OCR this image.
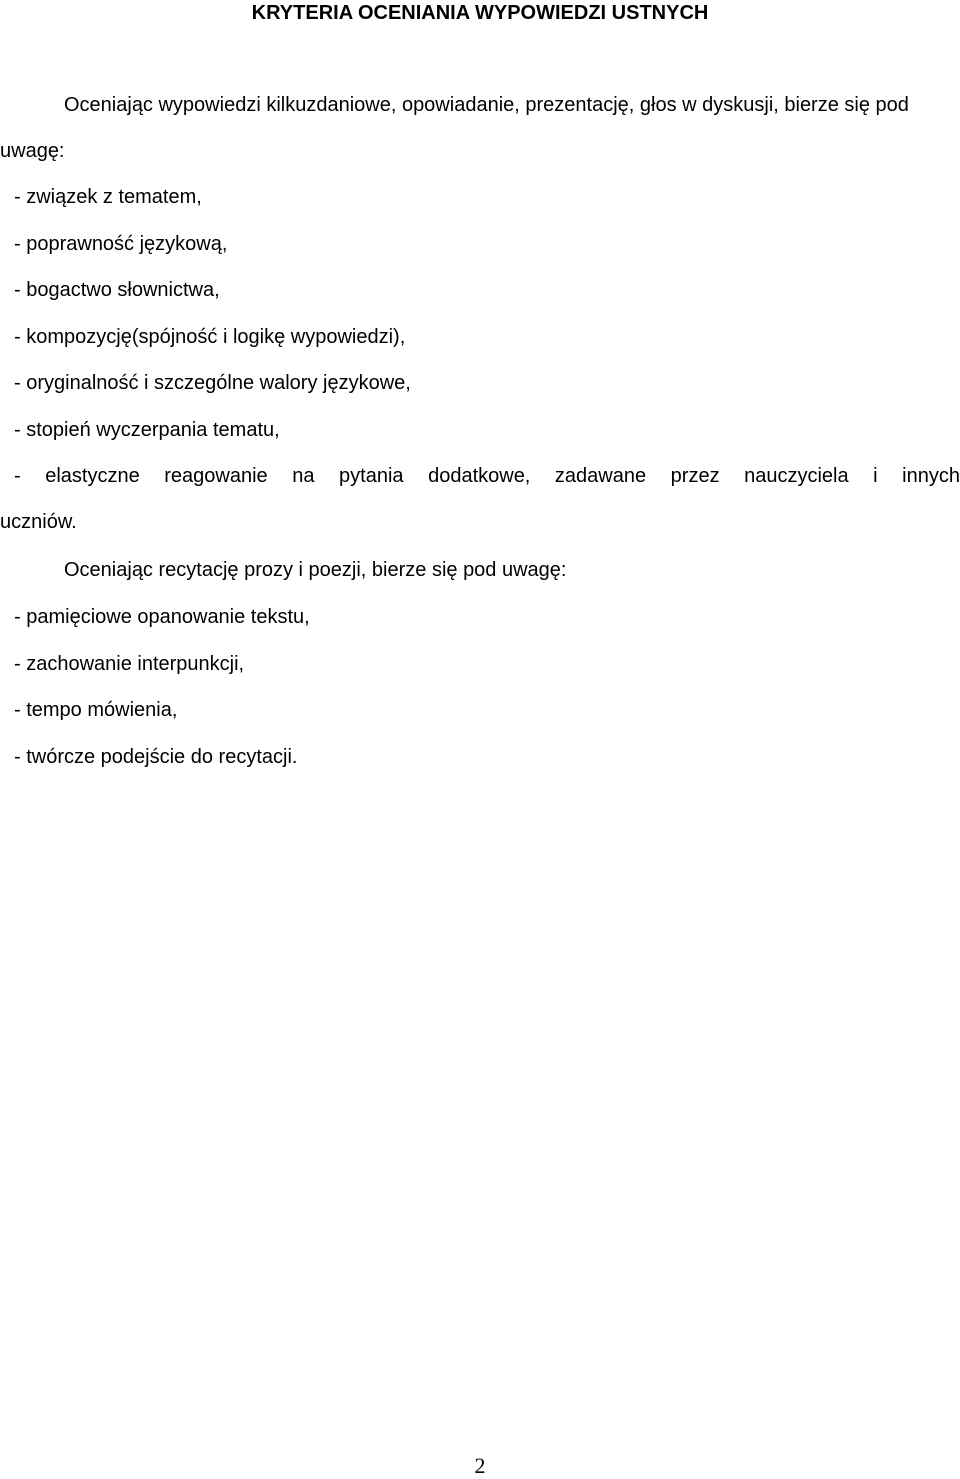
KRYTERIA OCENIANIA WYPOWIEDZI USTNYCH

Oceniając wypowiedzi kilkuzdaniowe, opowiadanie, prezentację, głos w dyskusji, bierze się pod uwagę:

- związek z tematem,
- poprawność językową,
- bogactwo słownictwa,
- kompozycję(spójność i logikę wypowiedzi),
- oryginalność i szczególne walory językowe,
- stopień wyczerpania tematu,
- elastyczne reagowanie na pytania dodatkowe, zadawane przez nauczyciela i innych
uczniów.

Oceniając recytację prozy i poezji, bierze się pod uwagę:

- pamięciowe opanowanie tekstu,
- zachowanie interpunkcji,
- tempo mówienia,
- twórcze podejście do recytacji.
2
